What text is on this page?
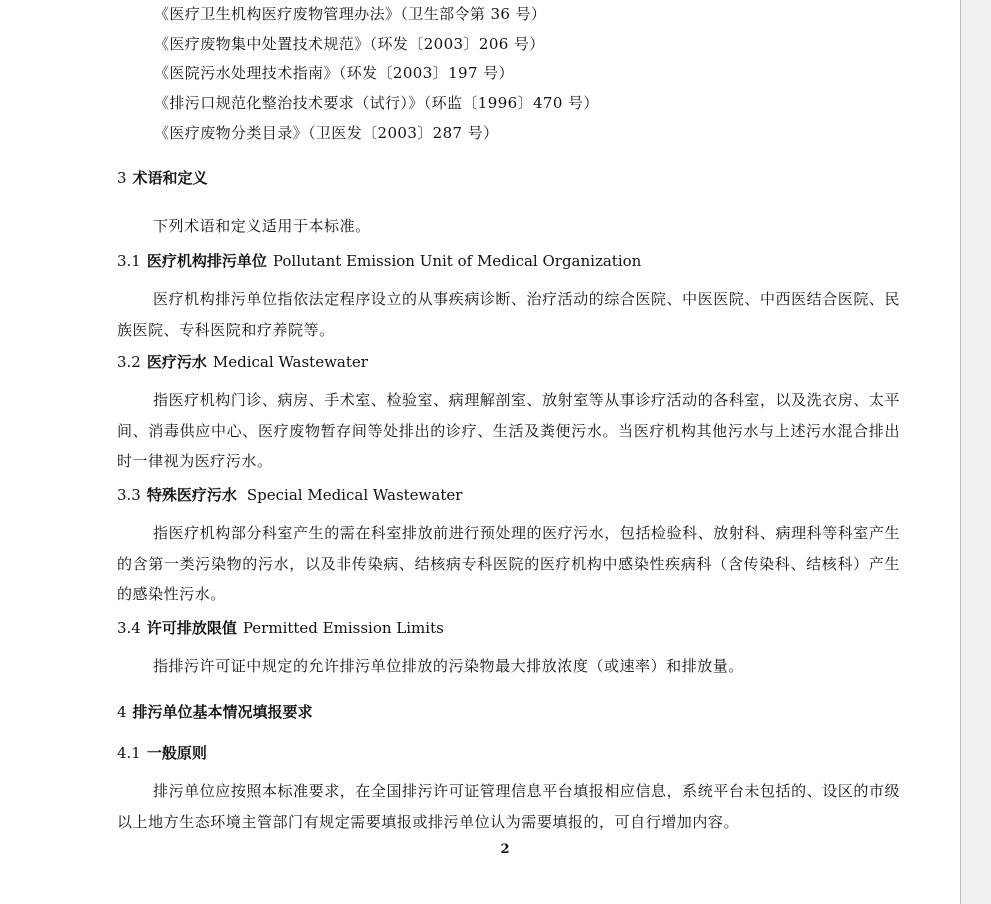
《医疗卫生机构医疗废物管理办法》（卫生部令第 36 号）
《医疗废物集中处置技术规范》（环发〔2003〕206 号）
《医院污水处理技术指南》（环发〔2003〕197 号）
《排污口规范化整治技术要求（试行）》（环监〔1996〕470 号）
《医疗废物分类目录》（卫医发〔2003〕287 号）
3 术语和定义
下列术语和定义适用于本标准。
3.1 医疗机构排污单位 Pollutant Emission Unit of Medical Organization
医疗机构排污单位指依法定程序设立的从事疾病诊断、治疗活动的综合医院、中医医院、中西医结合医院、民族医院、专科医院和疗养院等。
3.2 医疗污水 Medical Wastewater
指医疗机构门诊、病房、手术室、检验室、病理解剖室、放射室等从事诊疗活动的各科室，以及洗衣房、太平间、消毒供应中心、医疗废物暂存间等处排出的诊疗、生活及粪便污水。当医疗机构其他污水与上述污水混合排出时一律视为医疗污水。
3.3 特殊医疗污水 Special Medical Wastewater
指医疗机构部分科室产生的需在科室排放前进行预处理的医疗污水，包括检验科、放射科、病理科等科室产生的含第一类污染物的污水，以及非传染病、结核病专科医院的医疗机构中感染性疾病科（含传染科、结核科）产生的感染性污水。
3.4 许可排放限值 Permitted Emission Limits
指排污许可证中规定的允许排污单位排放的污染物最大排放浓度（或速率）和排放量。
4 排污单位基本情况填报要求
4.1 一般原则
排污单位应按照本标准要求，在全国排污许可证管理信息平台填报相应信息，系统平台未包括的、设区的市级以上地方生态环境主管部门有规定需要填报或排污单位认为需要填报的，可自行增加内容。
2
